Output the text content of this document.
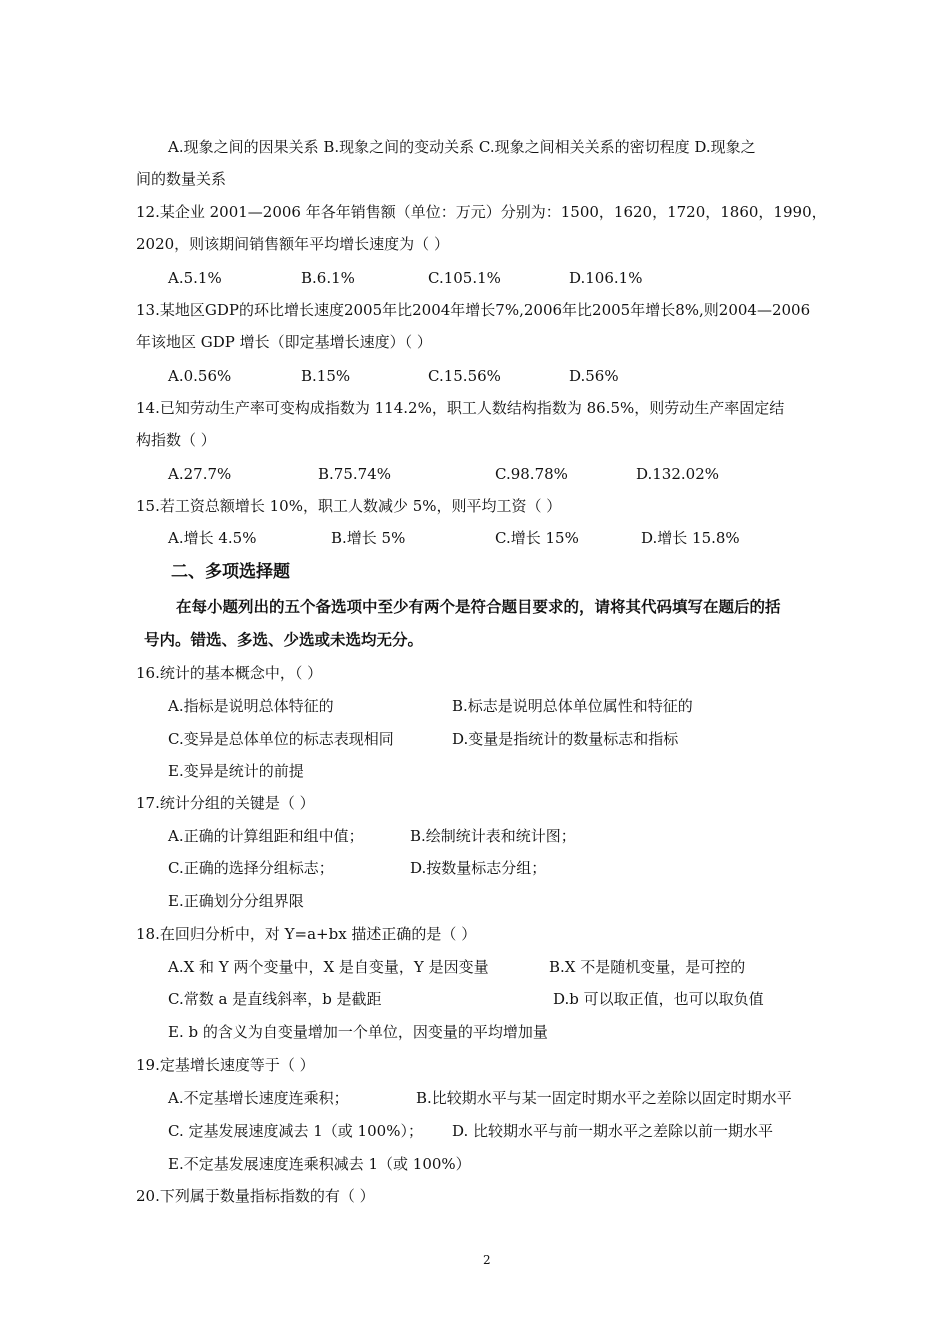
A.现象之间的因果关系 B.现象之间的变动关系 C.现象之间相关关系的密切程度 D.现象之
间的数量关系
12.某企业 2001—2006 年各年销售额（单位：万元）分别为：1500，1620，1720，1860，1990，
2020，则该期间销售额年平均增长速度为（ ）
A.5.1%	B.6.1%	C.105.1%	D.106.1%
13.某地区GDP的环比增长速度2005年比2004年增长7%,2006年比2005年增长8%,则2004—2006
年该地区 GDP 增长（即定基增长速度）（ ）
A.0.56%	B.15%	C.15.56%	D.56%
14.已知劳动生产率可变构成指数为 114.2%，职工人数结构指数为 86.5%，则劳动生产率固定结
构指数（ ）
A.27.7%	B.75.74%	C.98.78%	D.132.02%
15.若工资总额增长 10%，职工人数减少 5%，则平均工资（ ）
A.增长 4.5%	B.增长 5%	C.增长 15%	D.增长 15.8%
二、多项选择题
在每小题列出的五个备选项中至少有两个是符合题目要求的，请将其代码填写在题后的括
号内。错选、多选、少选或未选均无分。
16.统计的基本概念中，（ ）
A.指标是说明总体特征的	B.标志是说明总体单位属性和特征的
C.变异是总体单位的标志表现相同	D.变量是指统计的数量标志和指标
E.变异是统计的前提
17.统计分组的关键是（ ）
A.正确的计算组距和组中值；	B.绘制统计表和统计图；
C.正确的选择分组标志；	D.按数量标志分组；
E.正确划分分组界限
18.在回归分析中，对 Y=a+bx 描述正确的是（ ）
A.X 和 Y 两个变量中，X 是自变量，Y 是因变量	B.X 不是随机变量，是可控的
C.常数 a 是直线斜率，b 是截距	D.b 可以取正值，也可以取负值
E. b 的含义为自变量增加一个单位，因变量的平均增加量
19.定基增长速度等于（ ）
A.不定基增长速度连乘积；	B.比较期水平与某一固定时期水平之差除以固定时期水平
C. 定基发展速度减去 1（或 100%）； D. 比较期水平与前一期水平之差除以前一期水平
E.不定基发展速度连乘积减去 1（或 100%）
20.下列属于数量指标指数的有（ ）
2
